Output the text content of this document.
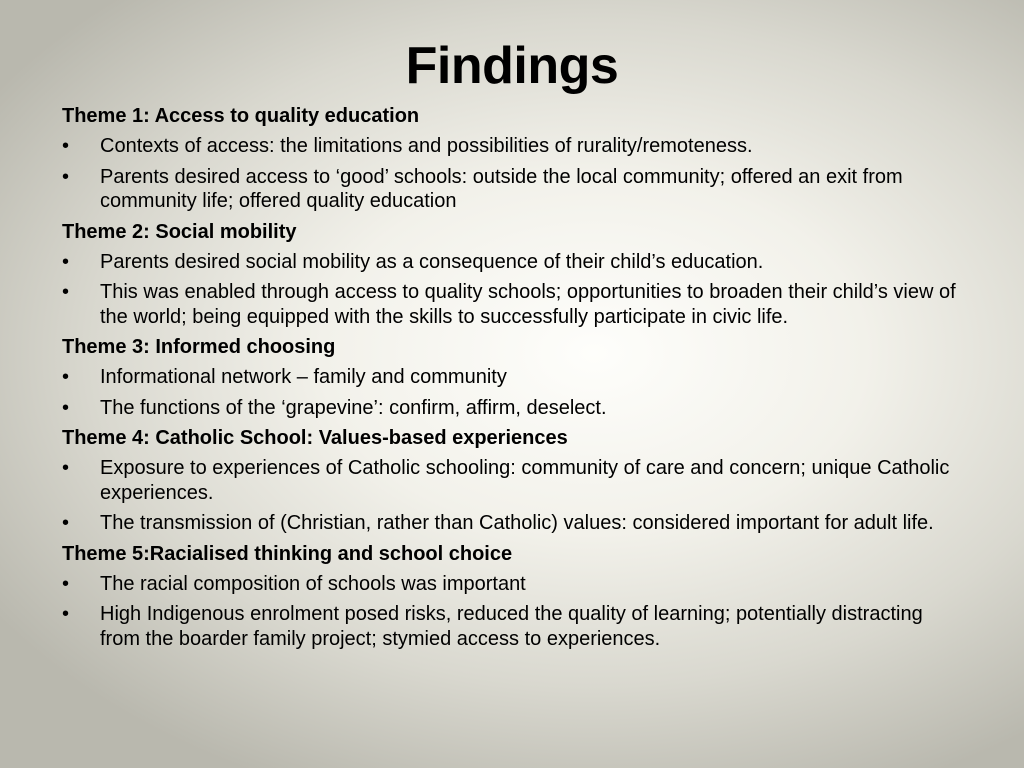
Findings
Theme 1: Access to quality education
•	Contexts of access: the limitations and possibilities of rurality/remoteness.
•	Parents desired access to ‘good’ schools: outside the local community; offered an exit from community life; offered quality education
Theme 2: Social mobility
•	Parents desired social mobility as a consequence of their child’s education.
•	This was enabled through access to quality schools; opportunities to broaden their child’s view of the world; being equipped with the skills to successfully participate in civic life.
Theme 3: Informed choosing
•	Informational network – family and community
•	The functions of the ‘grapevine’: confirm, affirm, deselect.
Theme 4: Catholic School: Values-based experiences
•	Exposure to experiences of Catholic schooling: community of care and concern; unique Catholic experiences.
•	The transmission of (Christian, rather than Catholic) values: considered important for adult life.
Theme 5:Racialised thinking and school choice
•	The racial composition of schools was important
•	High Indigenous enrolment posed risks, reduced the quality of learning; potentially distracting from the boarder family project; stymied access to experiences.
